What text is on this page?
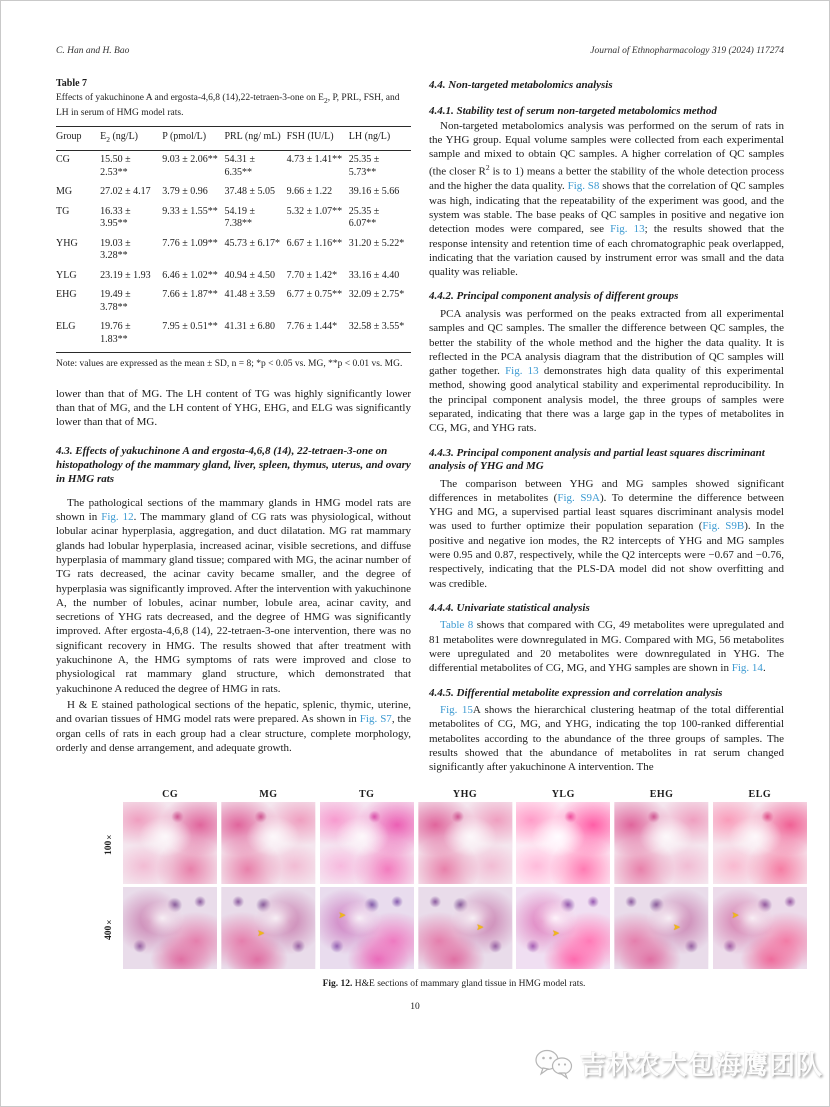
C. Han and H. Bao	Journal of Ethnopharmacology 319 (2024) 117274
Table 7
Effects of yakuchinone A and ergosta-4,6,8 (14),22-tetraen-3-one on $E_2$, P, PRL, FSH, and LH in serum of HMG model rats.
Group	$E_2$ (ng/L)	P (pmol/L)	PRL (ng/ mL)	FSH (IU/L)	LH (ng/L)
CG	15.50 ± 2.53**	9.03 ± 2.06**	54.31 ± 6.35**	4.73 ± 1.41**	25.35 ± 5.73**
MG	27.02 ± 4.17	3.79 ± 0.96	37.48 ± 5.05	9.66 ± 1.22	39.16 ± 5.66
TG	16.33 ± 3.95**	9.33 ± 1.55**	54.19 ± 7.38**	5.32 ± 1.07**	25.35 ± 6.07**
YHG	19.03 ± 3.28**	7.76 ± 1.09**	45.73 ± 6.17*	6.67 ± 1.16**	31.20 ± 5.22*
YLG	23.19 ± 1.93	6.46 ± 1.02**	40.94 ± 4.50	7.70 ± 1.42*	33.16 ± 4.40
EHG	19.49 ± 3.78**	7.66 ± 1.87**	41.48 ± 3.59	6.77 ± 0.75**	32.09 ± 2.75*
ELG	19.76 ± 1.83**	7.95 ± 0.51**	41.31 ± 6.80	7.76 ± 1.44*	32.58 ± 3.55*
Note: values are expressed as the mean ± SD, n = 8; *p < 0.05 vs. MG, **p < 0.01 vs. MG.

lower than that of MG. The LH content of TG was highly significantly lower than that of MG, and the LH content of YHG, EHG, and ELG was significantly lower than that of MG.

4.3. Effects of yakuchinone A and ergosta-4,6,8 (14), 22-tetraen-3-one on histopathology of the mammary gland, liver, spleen, thymus, uterus, and ovary in HMG rats

The pathological sections of the mammary glands in HMG model rats are shown in Fig. 12. The mammary gland of CG rats was physiological, without lobular acinar hyperplasia, aggregation, and duct dilatation. MG rat mammary glands had lobular hyperplasia, increased acinar, visible secretions, and diffuse hyperplasia of mammary gland tissue; compared with MG, the acinar number of TG rats decreased, the acinar cavity became smaller, and the degree of hyperplasia was significantly improved. After the intervention with yakuchinone A, the number of lobules, acinar number, lobule area, acinar cavity, and secretions of YHG rats decreased, and the degree of HMG was significantly improved. After ergosta-4,6,8 (14), 22-tetraen-3-one intervention, there was no significant recovery in HMG. The results showed that after treatment with yakuchinone A, the HMG symptoms of rats were improved and close to physiological rat mammary gland structure, which demonstrated that yakuchinone A reduced the degree of HMG in rats.

H & E stained pathological sections of the hepatic, splenic, thymic, uterine, and ovarian tissues of HMG model rats were prepared. As shown in Fig. S7, the organ cells of rats in each group had a clear structure, complete morphology, orderly and dense arrangement, and adequate growth.

4.4. Non-targeted metabolomics analysis
4.4.1. Stability test of serum non-targeted metabolomics method

Non-targeted metabolomics analysis was performed on the serum of rats in the YHG group. Equal volume samples were collected from each experimental sample and mixed to obtain QC samples. A higher correlation of QC samples (the closer $R^2$ is to 1) means a better the stability of the whole detection process and the higher the data quality. Fig. S8 shows that the correlation of QC samples was high, indicating that the repeatability of the experiment was good, and the system was stable. The base peaks of QC samples in positive and negative ion detection modes were compared, see Fig. 13; the results showed that the response intensity and retention time of each chromatographic peak overlapped, indicating that the variation caused by instrument error was small and the data quality was reliable.

4.4.2. Principal component analysis of different groups

PCA analysis was performed on the peaks extracted from all experimental samples and QC samples. The smaller the difference between QC samples, the better the stability of the whole method and the higher the data quality. It is reflected in the PCA analysis diagram that the distribution of QC samples will gather together. Fig. 13 demonstrates high data quality of this experimental method, showing good analytical stability and experimental reproducibility. In the principal component analysis model, the three groups of samples were separated, indicating that there was a large gap in the types of metabolites in CG, MG, and YHG rats.

4.4.3. Principal component analysis and partial least squares discriminant analysis of YHG and MG

The comparison between YHG and MG samples showed significant differences in metabolites (Fig. S9A). To determine the difference between YHG and MG, a supervised partial least squares discriminant analysis model was used to further optimize their population separation (Fig. S9B). In the positive and negative ion modes, the R2 intercepts of YHG and MG samples were 0.95 and 0.87, respectively, while the Q2 intercepts were −0.67 and −0.76, respectively, indicating that the PLS-DA model did not show overfitting and was credible.

4.4.4. Univariate statistical analysis

Table 8 shows that compared with CG, 49 metabolites were upregulated and 81 metabolites were downregulated in MG. Compared with MG, 56 metabolites were upregulated and 20 metabolites were downregulated in YHG. The differential metabolites of CG, MG, and YHG samples are shown in Fig. 14.

4.4.5. Differential metabolite expression and correlation analysis

Fig. 15A shows the hierarchical clustering heatmap of the total differential metabolites of CG, MG, and YHG, indicating the top 100-ranked differential metabolites according to the abundance of the three groups of samples. The results showed that the abundance of metabolites in rat serum changed significantly after yakuchinone A intervention. The

CG	MG	TG	YHG	YLG	EHG	ELG
100×
400×	➤
➤
➤
➤
➤
➤
Fig. 12. H&E sections of mammary gland tissue in HMG model rats.
10
吉林农大包海鹰团队
